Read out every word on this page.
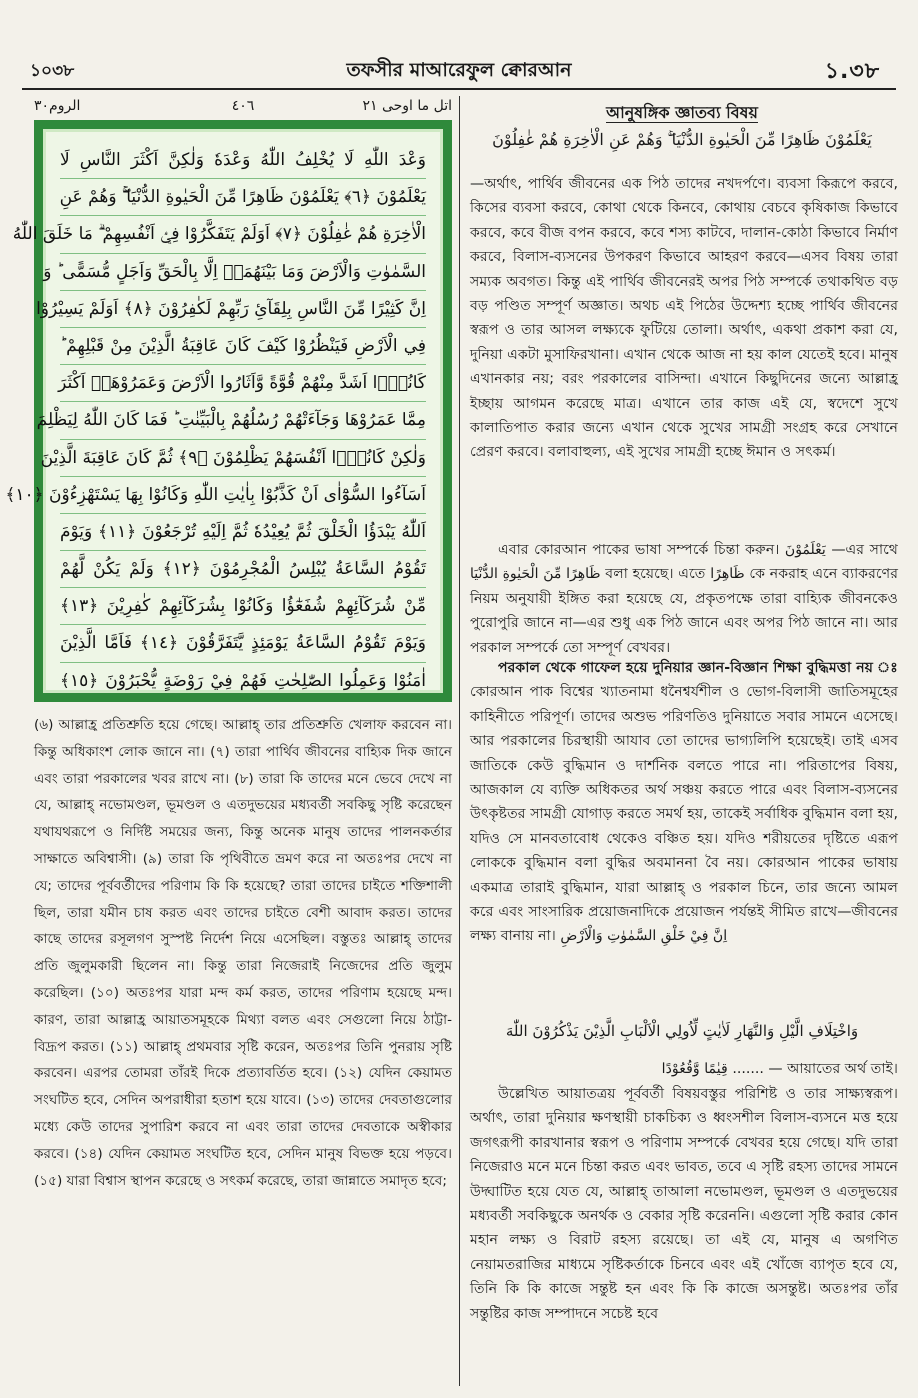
১০৩৮	তফসীর মাআরেফুল ক্বোরআন	১.৩৮
اتل ما اوحى ٢١
٤٠٦
الروم٣٠
وَعْدَ اللّٰهِ لَا يُخْلِفُ اللّٰهُ وَعْدَهٗ وَلٰكِنَّ اَكْثَرَ النَّاسِ لَا
يَعْلَمُوْنَ ﴿٦﴾ يَعْلَمُوْنَ ظَاهِرًا مِّنَ الْحَيٰوةِ الدُّنْيَا ۖۚ وَهُمْ عَنِ
الْاٰخِرَةِ هُمْ غٰفِلُوْنَ ﴿٧﴾ اَوَلَمْ يَتَفَكَّرُوْا فِيْۤ اَنْفُسِهِمْ ۗ مَا خَلَقَ اللّٰهُ
السَّمٰوٰتِ وَالْاَرْضَ وَمَا بَيْنَهُمَاۤ اِلَّا بِالْحَقِّ وَاَجَلٍ مُّسَمًّى ؕ وَ
اِنَّ كَثِيْرًا مِّنَ النَّاسِ بِلِقَآئِ رَبِّهِمْ لَكٰفِرُوْنَ ﴿٨﴾ اَوَلَمْ يَسِيْرُوْا
فِي الْاَرْضِ فَيَنْظُرُوْا كَيْفَ كَانَ عَاقِبَةُ الَّذِيْنَ مِنْ قَبْلِهِمْ ؕ
كَانُوْۤا اَشَدَّ مِنْهُمْ قُوَّةً وَّاَثَارُوا الْاَرْضَ وَعَمَرُوْهَاۤ اَكْثَرَ
مِمَّا عَمَرُوْهَا وَجَآءَتْهُمْ رُسُلُهُمْ بِالْبَيِّنٰتِ ؕ فَمَا كَانَ اللّٰهُ لِيَظْلِمَ
وَلٰكِنْ كَانُوْۤا اَنْفُسَهُمْ يَظْلِمُوْنَ ﴿٩﴾ ثُمَّ كَانَ عَاقِبَةَ الَّذِيْنَ
اَسَآءُوا السُّوْٓاٰى اَنْ كَذَّبُوْا بِاٰيٰتِ اللّٰهِ وَكَانُوْا بِهَا يَسْتَهْزِءُوْنَ ﴿١٠﴾
اَللّٰهُ يَبْدَؤُا الْخَلْقَ ثُمَّ يُعِيْدُهٗ ثُمَّ اِلَيْهِ تُرْجَعُوْنَ ﴿١١﴾ وَيَوْمَ
تَقُوْمُ السَّاعَةُ يُبْلِسُ الْمُجْرِمُوْنَ ﴿١٢﴾ وَلَمْ يَكُنْ لَّهُمْ
مِّنْ شُرَكَآئِهِمْ شُفَعٰٓؤُا وَكَانُوْا بِشُرَكَآئِهِمْ كٰفِرِيْنَ ﴿١٣﴾
وَيَوْمَ تَقُوْمُ السَّاعَةُ يَوْمَئِذٍ يَّتَفَرَّقُوْنَ ﴿١٤﴾ فَاَمَّا الَّذِيْنَ
اٰمَنُوْا وَعَمِلُوا الصّٰلِحٰتِ فَهُمْ فِيْ رَوْضَةٍ يُّحْبَرُوْنَ ﴿١٥﴾

(৬) আল্লাহ্র প্রতিশ্রুতি হয়ে গেছে। আল্লাহ্ তার প্রতিশ্রুতি খেলাফ করবেন না। কিন্তু অধিকাংশ লোক জানে না। (৭) তারা পার্থিব জীবনের বাহ্যিক দিক জানে এবং তারা পরকালের খবর রাখে না। (৮) তারা কি তাদের মনে ভেবে দেখে না যে, আল্লাহ্ নভোমণ্ডল, ভূমণ্ডল ও এতদুভয়ের মধ্যবর্তী সবকিছু সৃষ্টি করেছেন যথাযথরূপে ও নির্দিষ্ট সময়ের জন্য, কিন্তু অনেক মানুষ তাদের পালনকর্তার সাক্ষাতে অবিশ্বাসী। (৯) তারা কি পৃথিবীতে ভ্রমণ করে না অতঃপর দেখে না যে; তাদের পূর্ববর্তীদের পরিণাম কি কি হয়েছে? তারা তাদের চাইতে শক্তিশালী ছিল, তারা যমীন চাষ করত এবং তাদের চাইতে বেশী আবাদ করত। তাদের কাছে তাদের রসূলগণ সুস্পষ্ট নির্দেশ নিয়ে এসেছিল। বস্তুতঃ আল্লাহ্ তাদের প্রতি জুলুমকারী ছিলেন না। কিন্তু তারা নিজেরাই নিজেদের প্রতি জুলুম করেছিল। (১০) অতঃপর যারা মন্দ কর্ম করত, তাদের পরিণাম হয়েছে মন্দ। কারণ, তারা আল্লাহ্র আয়াতসমূহকে মিথ্যা বলত এবং সেগুলো নিয়ে ঠাট্টা-বিদ্রূপ করত। (১১) আল্লাহ্ প্রথমবার সৃষ্টি করেন, অতঃপর তিনি পুনরায় সৃষ্টি করবেন। এরপর তোমরা তাঁরই দিকে প্রত্যাবর্তিত হবে। (১২) যেদিন কেয়ামত সংঘটিত হবে, সেদিন অপরাধীরা হতাশ হয়ে যাবে। (১৩) তাদের দেবতাগুলোর মধ্যে কেউ তাদের সুপারিশ করবে না এবং তারা তাদের দেবতাকে অস্বীকার করবে। (১৪) যেদিন কেয়ামত সংঘটিত হবে, সেদিন মানুষ বিভক্ত হয়ে পড়বে। (১৫) যারা বিশ্বাস স্থাপন করেছে ও সৎকর্ম করেছে, তারা জান্নাতে সমাদৃত হবে;

আনুষঙ্গিক জ্ঞাতব্য বিষয়
يَعْلَمُوْنَ ظَاهِرًا مِّنَ الْحَيٰوةِ الدُّنْيَا ۖۚ وَهُمْ عَنِ الْاٰخِرَةِ هُمْ غٰفِلُوْنَ

—অর্থাৎ, পার্থিব জীবনের এক পিঠ তাদের নখদর্পণে। ব্যবসা কিরূপে করবে, কিসের ব্যবসা করবে, কোথা থেকে কিনবে, কোথায় বেচবে কৃষিকাজ কিভাবে করবে, কবে বীজ বপন করবে, কবে শস্য কাটবে, দালান-কোঠা কিভাবে নির্মাণ করবে, বিলাস-ব্যসনের উপকরণ কিভাবে আহরণ করবে—এসব বিষয় তারা সম্যক অবগত। কিন্তু এই পার্থিব জীবনেরই অপর পিঠ সম্পর্কে তথাকথিত বড় বড় পণ্ডিত সম্পূর্ণ অজ্ঞাত। অথচ এই পিঠের উদ্দেশ্য হচ্ছে পার্থিব জীবনের স্বরূপ ও তার আসল লক্ষ্যকে ফুটিয়ে তোলা। অর্থাৎ, একথা প্রকাশ করা যে, দুনিয়া একটা মুসাফিরখানা। এখান থেকে আজ না হয় কাল যেতেই হবে। মানুষ এখানকার নয়; বরং পরকালের বাসিন্দা। এখানে কিছুদিনের জন্যে আল্লাহ্র ইচ্ছায় আগমন করেছে মাত্র। এখানে তার কাজ এই যে, স্বদেশে সুখে কালাতিপাত করার জন্যে এখান থেকে সুখের সামগ্রী সংগ্রহ করে সেখানে প্রেরণ করবে। বলাবাহুল্য, এই সুখের সামগ্রী হচ্ছে ঈমান ও সৎকর্ম।

এবার কোরআন পাকের ভাষা সম্পর্কে চিন্তা করুন। يَعْلَمُوْنَ —এর সাথে ظَاهِرًا مِّنَ الْحَيٰوةِ الدُّنْيَا বলা হয়েছে। এতে ظَاهِرًا কে নকরাহ এনে ব্যাকরণের নিয়ম অনুযায়ী ইঙ্গিত করা হয়েছে যে, প্রকৃতপক্ষে তারা বাহ্যিক জীবনকেও পুরোপুরি জানে না—এর শুধু এক পিঠ জানে এবং অপর পিঠ জানে না। আর পরকাল সম্পর্কে তো সম্পূর্ণ বেখবর।

পরকাল থেকে গাফেল হয়ে দুনিয়ার জ্ঞান-বিজ্ঞান শিক্ষা বুদ্ধিমত্তা নয় ঃ কোরআন পাক বিশ্বের খ্যাতনামা ধনৈশ্বর্যশীল ও ভোগ-বিলাসী জাতিসমূহের কাহিনীতে পরিপূর্ণ। তাদের অশুভ পরিণতিও দুনিয়াতে সবার সামনে এসেছে। আর পরকালের চিরস্থায়ী আযাব তো তাদের ভাগ্যলিপি হয়েছেই। তাই এসব জাতিকে কেউ বুদ্ধিমান ও দার্শনিক বলতে পারে না। পরিতাপের বিষয়, আজকাল যে ব্যক্তি অধিকতর অর্থ সঞ্চয় করতে পারে এবং বিলাস-ব্যসনের উৎকৃষ্টতর সামগ্রী যোগাড় করতে সমর্থ হয়, তাকেই সর্বাধিক বুদ্ধিমান বলা হয়, যদিও সে মানবতাবোধ থেকেও বঞ্চিত হয়। যদিও শরীয়তের দৃষ্টিতে এরূপ লোককে বুদ্ধিমান বলা বুদ্ধির অবমাননা বৈ নয়। কোরআন পাকের ভাষায় একমাত্র তারাই বুদ্ধিমান, যারা আল্লাহ্ ও পরকাল চিনে, তার জন্যে আমল করে এবং সাংসারিক প্রয়োজনাদিকে প্রয়োজন পর্যন্তই সীমিত রাখে—জীবনের লক্ষ্য বানায় না। اِنَّ فِيْ خَلْقِ السَّمٰوٰتِ وَالْاَرْضِ

وَاخْتِلَافِ الَّيْلِ وَالنَّهَارِ لَاٰيٰتٍ لِّاُولِي الْاَلْبَابِ الَّذِيْنَ يَذْكُرُوْنَ اللّٰهَ
قِيٰمًا وَّقُعُوْدًا ....... — আয়াতের অর্থ তাই।

উল্লেখিত আয়াতত্রয় পূর্ববর্তী বিষয়বস্তুর পরিশিষ্ট ও তার সাক্ষ্যস্বরূপ। অর্থাৎ, তারা দুনিয়ার ক্ষণস্থায়ী চাকচিক্য ও ধ্বংসশীল বিলাস-ব্যসনে মত্ত হয়ে জগৎরূপী কারখানার স্বরূপ ও পরিণাম সম্পর্কে বেখবর হয়ে গেছে। যদি তারা নিজেরাও মনে মনে চিন্তা করত এবং ভাবত, তবে এ সৃষ্টি রহস্য তাদের সামনে উদ্ঘাটিত হয়ে যেত যে, আল্লাহ্ তাআলা নভোমণ্ডল, ভূমণ্ডল ও এতদুভয়ের মধ্যবর্তী সবকিছুকে অনর্থক ও বেকার সৃষ্টি করেননি। এগুলো সৃষ্টি করার কোন মহান লক্ষ্য ও বিরাট রহস্য রয়েছে। তা এই যে, মানুষ এ অগণিত নেয়ামতরাজির মাধ্যমে সৃষ্টিকর্তাকে চিনবে এবং এই খোঁজে ব্যাপৃত হবে যে, তিনি কি কি কাজে সন্তুষ্ট হন এবং কি কি কাজে অসন্তুষ্ট। অতঃপর তাঁর সন্তুষ্টির কাজ সম্পাদনে সচেষ্ট হবে
